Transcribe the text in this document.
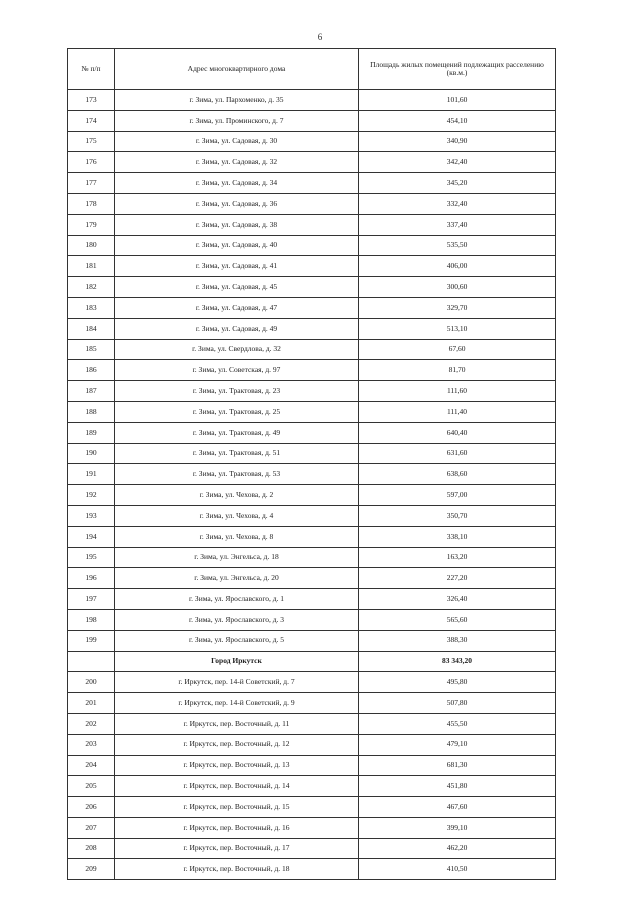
6
№ п/п	Адрес многоквартирного дома	Площадь жилых помещений подлежащих расселению (кв.м.)
173	г. Зима, ул. Пархоменко, д. 35	101,60
174	г. Зима, ул. Проминского, д. 7	454,10
175	г. Зима, ул. Садовая, д. 30	340,90
176	г. Зима, ул. Садовая, д. 32	342,40
177	г. Зима, ул. Садовая, д. 34	345,20
178	г. Зима, ул. Садовая, д. 36	332,40
179	г. Зима, ул. Садовая, д. 38	337,40
180	г. Зима, ул. Садовая, д. 40	535,50
181	г. Зима, ул. Садовая, д. 41	406,00
182	г. Зима, ул. Садовая, д. 45	300,60
183	г. Зима, ул. Садовая, д. 47	329,70
184	г. Зима, ул. Садовая, д. 49	513,10
185	г. Зима, ул. Свердлова, д. 32	67,60
186	г. Зима, ул. Советская, д. 97	81,70
187	г. Зима, ул. Трактовая, д. 23	111,60
188	г. Зима, ул. Трактовая, д. 25	111,40
189	г. Зима, ул. Трактовая, д. 49	640,40
190	г. Зима, ул. Трактовая, д. 51	631,60
191	г. Зима, ул. Трактовая, д. 53	638,60
192	г. Зима, ул. Чехова, д. 2	597,00
193	г. Зима, ул. Чехова, д. 4	350,70
194	г. Зима, ул. Чехова, д. 8	338,10
195	г. Зима, ул. Энгельса, д. 18	163,20
196	г. Зима, ул. Энгельса, д. 20	227,20
197	г. Зима, ул. Ярославского, д. 1	326,40
198	г. Зима, ул. Ярославского, д. 3	565,60
199	г. Зима, ул. Ярославского, д. 5	388,30
	Город Иркутск	83 343,20
200	г. Иркутск, пер. 14-й Советский, д. 7	495,80
201	г. Иркутск, пер. 14-й Советский, д. 9	507,80
202	г. Иркутск, пер. Восточный, д. 11	455,50
203	г. Иркутск, пер. Восточный, д. 12	479,10
204	г. Иркутск, пер. Восточный, д. 13	681,30
205	г. Иркутск, пер. Восточный, д. 14	451,80
206	г. Иркутск, пер. Восточный, д. 15	467,60
207	г. Иркутск, пер. Восточный, д. 16	399,10
208	г. Иркутск, пер. Восточный, д. 17	462,20
209	г. Иркутск, пер. Восточный, д. 18	410,50
